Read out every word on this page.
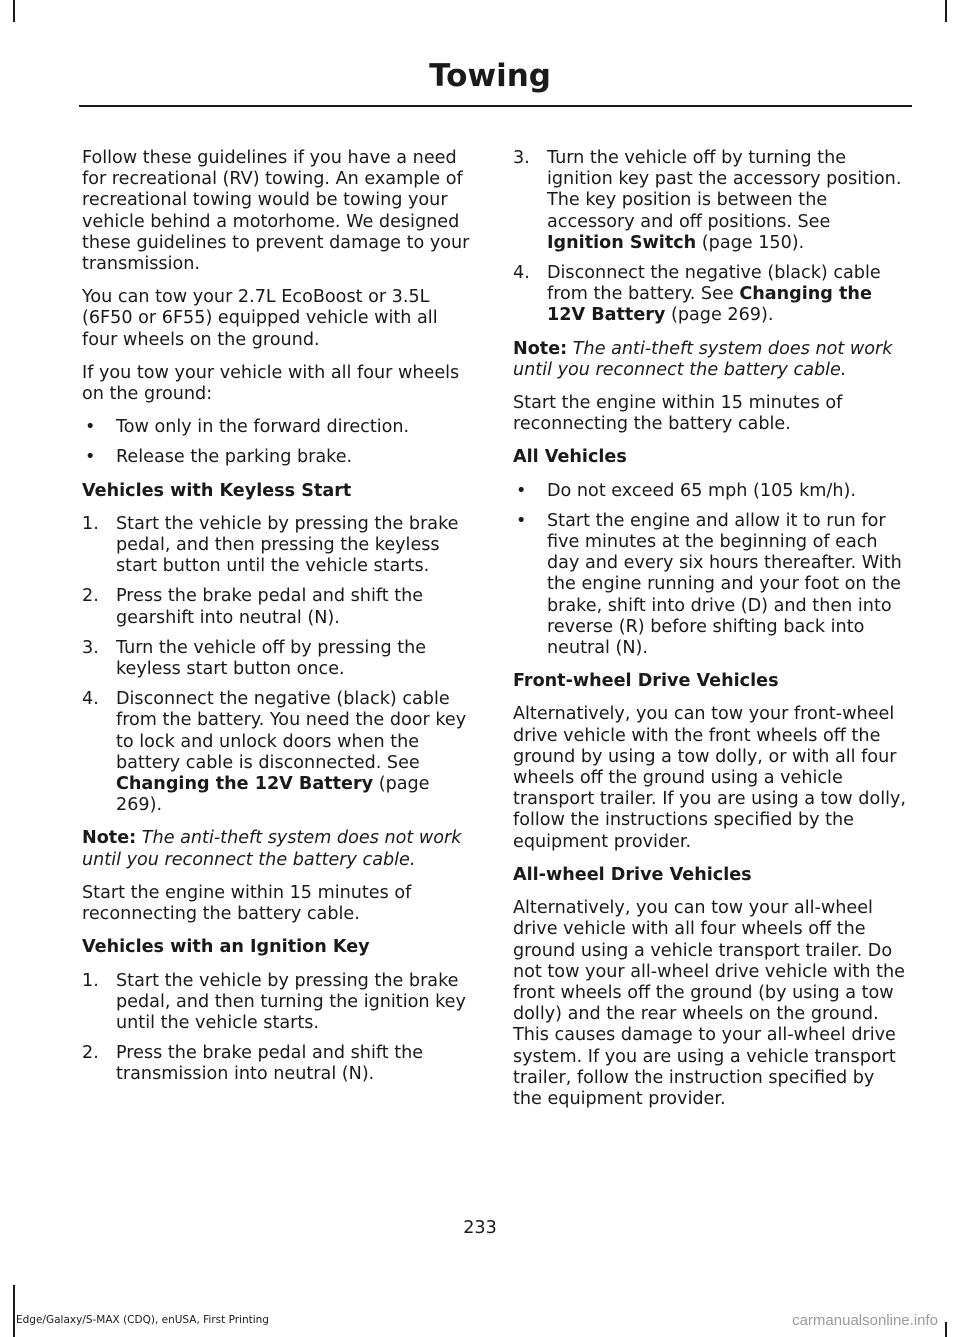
Towing

Follow these guidelines if you have a need for recreational (RV) towing. An example of recreational towing would be towing your vehicle behind a motorhome. We designed these guidelines to prevent damage to your transmission.

You can tow your 2.7L EcoBoost or 3.5L (6F50 or 6F55) equipped vehicle with all four wheels on the ground.

If you tow your vehicle with all four wheels on the ground:

• Tow only in the forward direction.
• Release the parking brake.
Vehicles with Keyless Start
1. Start the vehicle by pressing the brake pedal, and then pressing the keyless start button until the vehicle starts.
2. Press the brake pedal and shift the gearshift into neutral (N).
3. Turn the vehicle off by pressing the keyless start button once.
4. Disconnect the negative (black) cable from the battery. You need the door key to lock and unlock doors when the battery cable is disconnected. See Changing the 12V Battery (page 269).

Note: The anti-theft system does not work until you reconnect the battery cable.

Start the engine within 15 minutes of reconnecting the battery cable.

Vehicles with an Ignition Key
1. Start the vehicle by pressing the brake pedal, and then turning the ignition key until the vehicle starts.
2. Press the brake pedal and shift the transmission into neutral (N).
3. Turn the vehicle off by turning the ignition key past the accessory position. The key position is between the accessory and off positions. See Ignition Switch (page 150).
4. Disconnect the negative (black) cable from the battery. See Changing the 12V Battery (page 269).

Note: The anti-theft system does not work until you reconnect the battery cable.

Start the engine within 15 minutes of reconnecting the battery cable.

All Vehicles
• Do not exceed 65 mph (105 km/h).
• Start the engine and allow it to run for five minutes at the beginning of each day and every six hours thereafter. With the engine running and your foot on the brake, shift into drive (D) and then into reverse (R) before shifting back into neutral (N).
Front-wheel Drive Vehicles

Alternatively, you can tow your front-wheel drive vehicle with the front wheels off the ground by using a tow dolly, or with all four wheels off the ground using a vehicle transport trailer. If you are using a tow dolly, follow the instructions specified by the equipment provider.

All-wheel Drive Vehicles

Alternatively, you can tow your all-wheel drive vehicle with all four wheels off the ground using a vehicle transport trailer. Do not tow your all-wheel drive vehicle with the front wheels off the ground (by using a tow dolly) and the rear wheels on the ground. This causes damage to your all-wheel drive system. If you are using a vehicle transport trailer, follow the instruction specified by the equipment provider.

233
Edge/Galaxy/S-MAX (CDQ), enUSA, First Printing	carmanualsonline.info
